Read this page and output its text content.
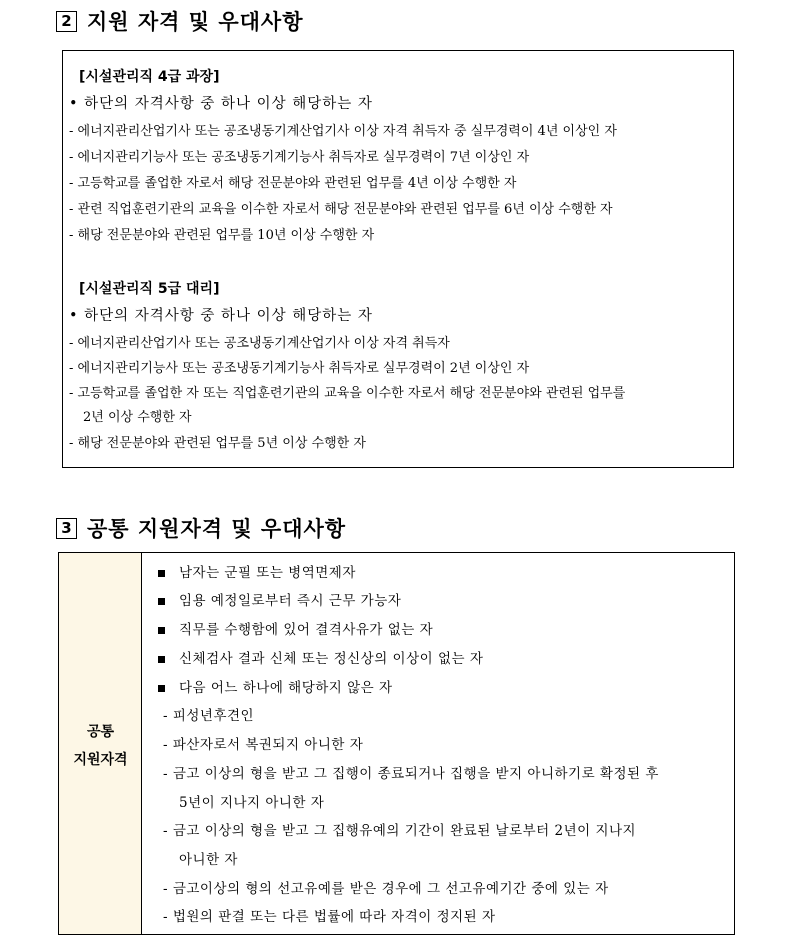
2 지원 자격 및 우대사항
[시설관리직 4급 과장]
• 하단의 자격사항 중 하나 이상 해당하는 자
- 에너지관리산업기사 또는 공조냉동기계산업기사 이상 자격 취득자 중 실무경력이 4년 이상인 자
- 에너지관리기능사 또는 공조냉동기계기능사 취득자로 실무경력이 7년 이상인 자
- 고등학교를 졸업한 자로서 해당 전문분야와 관련된 업무를 4년 이상 수행한 자
- 관련 직업훈련기관의 교육을 이수한 자로서 해당 전문분야와 관련된 업무를 6년 이상 수행한 자
- 해당 전문분야와 관련된 업무를 10년 이상 수행한 자
[시설관리직 5급 대리]
• 하단의 자격사항 중 하나 이상 해당하는 자
- 에너지관리산업기사 또는 공조냉동기계산업기사 이상 자격 취득자
- 에너지관리기능사 또는 공조냉동기계기능사 취득자로 실무경력이 2년 이상인 자
- 고등학교를 졸업한 자 또는 직업훈련기관의 교육을 이수한 자로서 해당 전문분야와 관련된 업무를
2년 이상 수행한 자
- 해당 전문분야와 관련된 업무를 5년 이상 수행한 자
3 공통 지원자격 및 우대사항
공통
지원자격
남자는 군필 또는 병역면제자
임용 예정일로부터 즉시 근무 가능자
직무를 수행함에 있어 결격사유가 없는 자
신체검사 결과 신체 또는 정신상의 이상이 없는 자
다음 어느 하나에 해당하지 않은 자
- 피성년후견인
- 파산자로서 복권되지 아니한 자
- 금고 이상의 형을 받고 그 집행이 종료되거나 집행을 받지 아니하기로 확정된 후
5년이 지나지 아니한 자
- 금고 이상의 형을 받고 그 집행유예의 기간이 완료된 날로부터 2년이 지나지
아니한 자
- 금고이상의 형의 선고유예를 받은 경우에 그 선고유예기간 중에 있는 자
- 법원의 판결 또는 다른 법률에 따라 자격이 정지된 자
